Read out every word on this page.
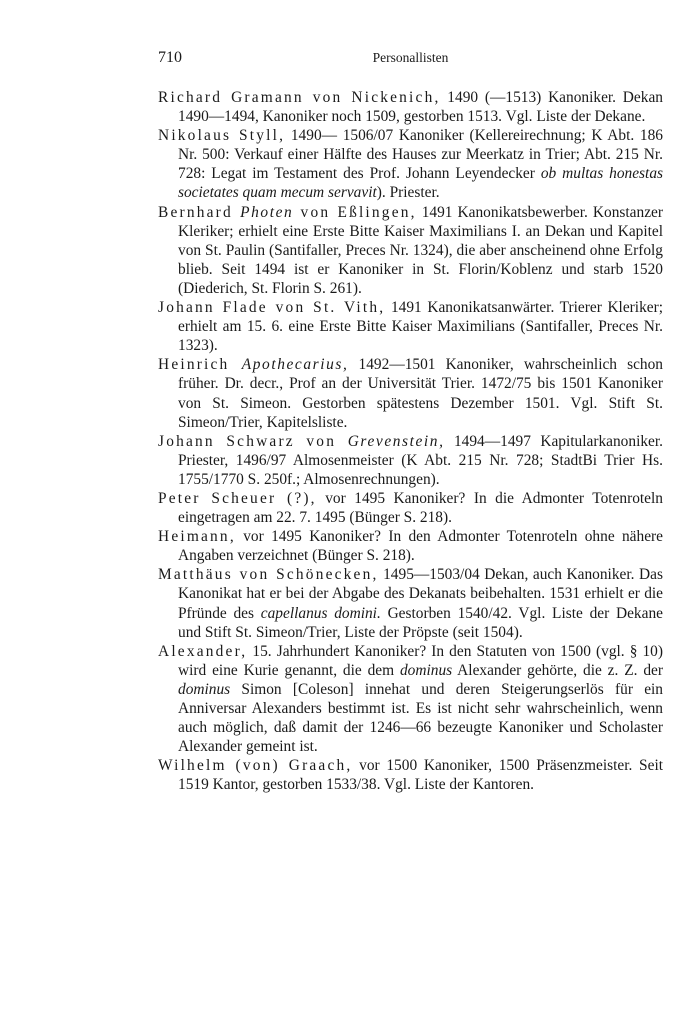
710	Personallisten

Richard Gramann von Nickenich, 1490 (—1513) Kanoniker. Dekan 1490—1494, Kanoniker noch 1509, gestorben 1513. Vgl. Liste der Dekane.

Nikolaus Styll, 1490— 1506/07 Kanoniker (Kellereirechnung; K Abt. 186 Nr. 500: Verkauf einer Hälfte des Hauses zur Meerkatz in Trier; Abt. 215 Nr. 728: Legat im Testament des Prof. Johann Leyendecker ob multas honestas societates quam mecum servavit). Priester.

Bernhard Photen von Eßlingen, 1491 Kanonikatsbewerber. Konstanzer Kleriker; erhielt eine Erste Bitte Kaiser Maximilians I. an Dekan und Kapitel von St. Paulin (Santifaller, Preces Nr. 1324), die aber anscheinend ohne Erfolg blieb. Seit 1494 ist er Kanoniker in St. Florin/Koblenz und starb 1520 (Diederich, St. Florin S. 261).

Johann Flade von St. Vith, 1491 Kanonikatsanwärter. Trierer Kleriker; erhielt am 15. 6. eine Erste Bitte Kaiser Maximilians (Santifaller, Preces Nr. 1323).

Heinrich Apothecarius, 1492—1501 Kanoniker, wahrscheinlich schon früher. Dr. decr., Prof an der Universität Trier. 1472/75 bis 1501 Kanoniker von St. Simeon. Gestorben spätestens Dezember 1501. Vgl. Stift St. Simeon/Trier, Kapitelsliste.

Johann Schwarz von Grevenstein, 1494—1497 Kapitularkanoniker. Priester, 1496/97 Almosenmeister (K Abt. 215 Nr. 728; StadtBi Trier Hs. 1755/1770 S. 250f.; Almosenrechnungen).

Peter Scheuer (?), vor 1495 Kanoniker? In die Admonter Totenroteln eingetragen am 22. 7. 1495 (Bünger S. 218).

Heimann, vor 1495 Kanoniker? In den Admonter Totenroteln ohne nähere Angaben verzeichnet (Bünger S. 218).

Matthäus von Schönecken, 1495—1503/04 Dekan, auch Kanoniker. Das Kanonikat hat er bei der Abgabe des Dekanats beibehalten. 1531 erhielt er die Pfründe des capellanus domini. Gestorben 1540/42. Vgl. Liste der Dekane und Stift St. Simeon/Trier, Liste der Pröpste (seit 1504).

Alexander, 15. Jahrhundert Kanoniker? In den Statuten von 1500 (vgl. § 10) wird eine Kurie genannt, die dem dominus Alexander gehörte, die z. Z. der dominus Simon [Coleson] innehat und deren Steigerungserlös für ein Anniversar Alexanders bestimmt ist. Es ist nicht sehr wahrscheinlich, wenn auch möglich, daß damit der 1246—66 bezeugte Kanoniker und Scholaster Alexander gemeint ist.

Wilhelm (von) Graach, vor 1500 Kanoniker, 1500 Präsenzmeister. Seit 1519 Kantor, gestorben 1533/38. Vgl. Liste der Kantoren.
